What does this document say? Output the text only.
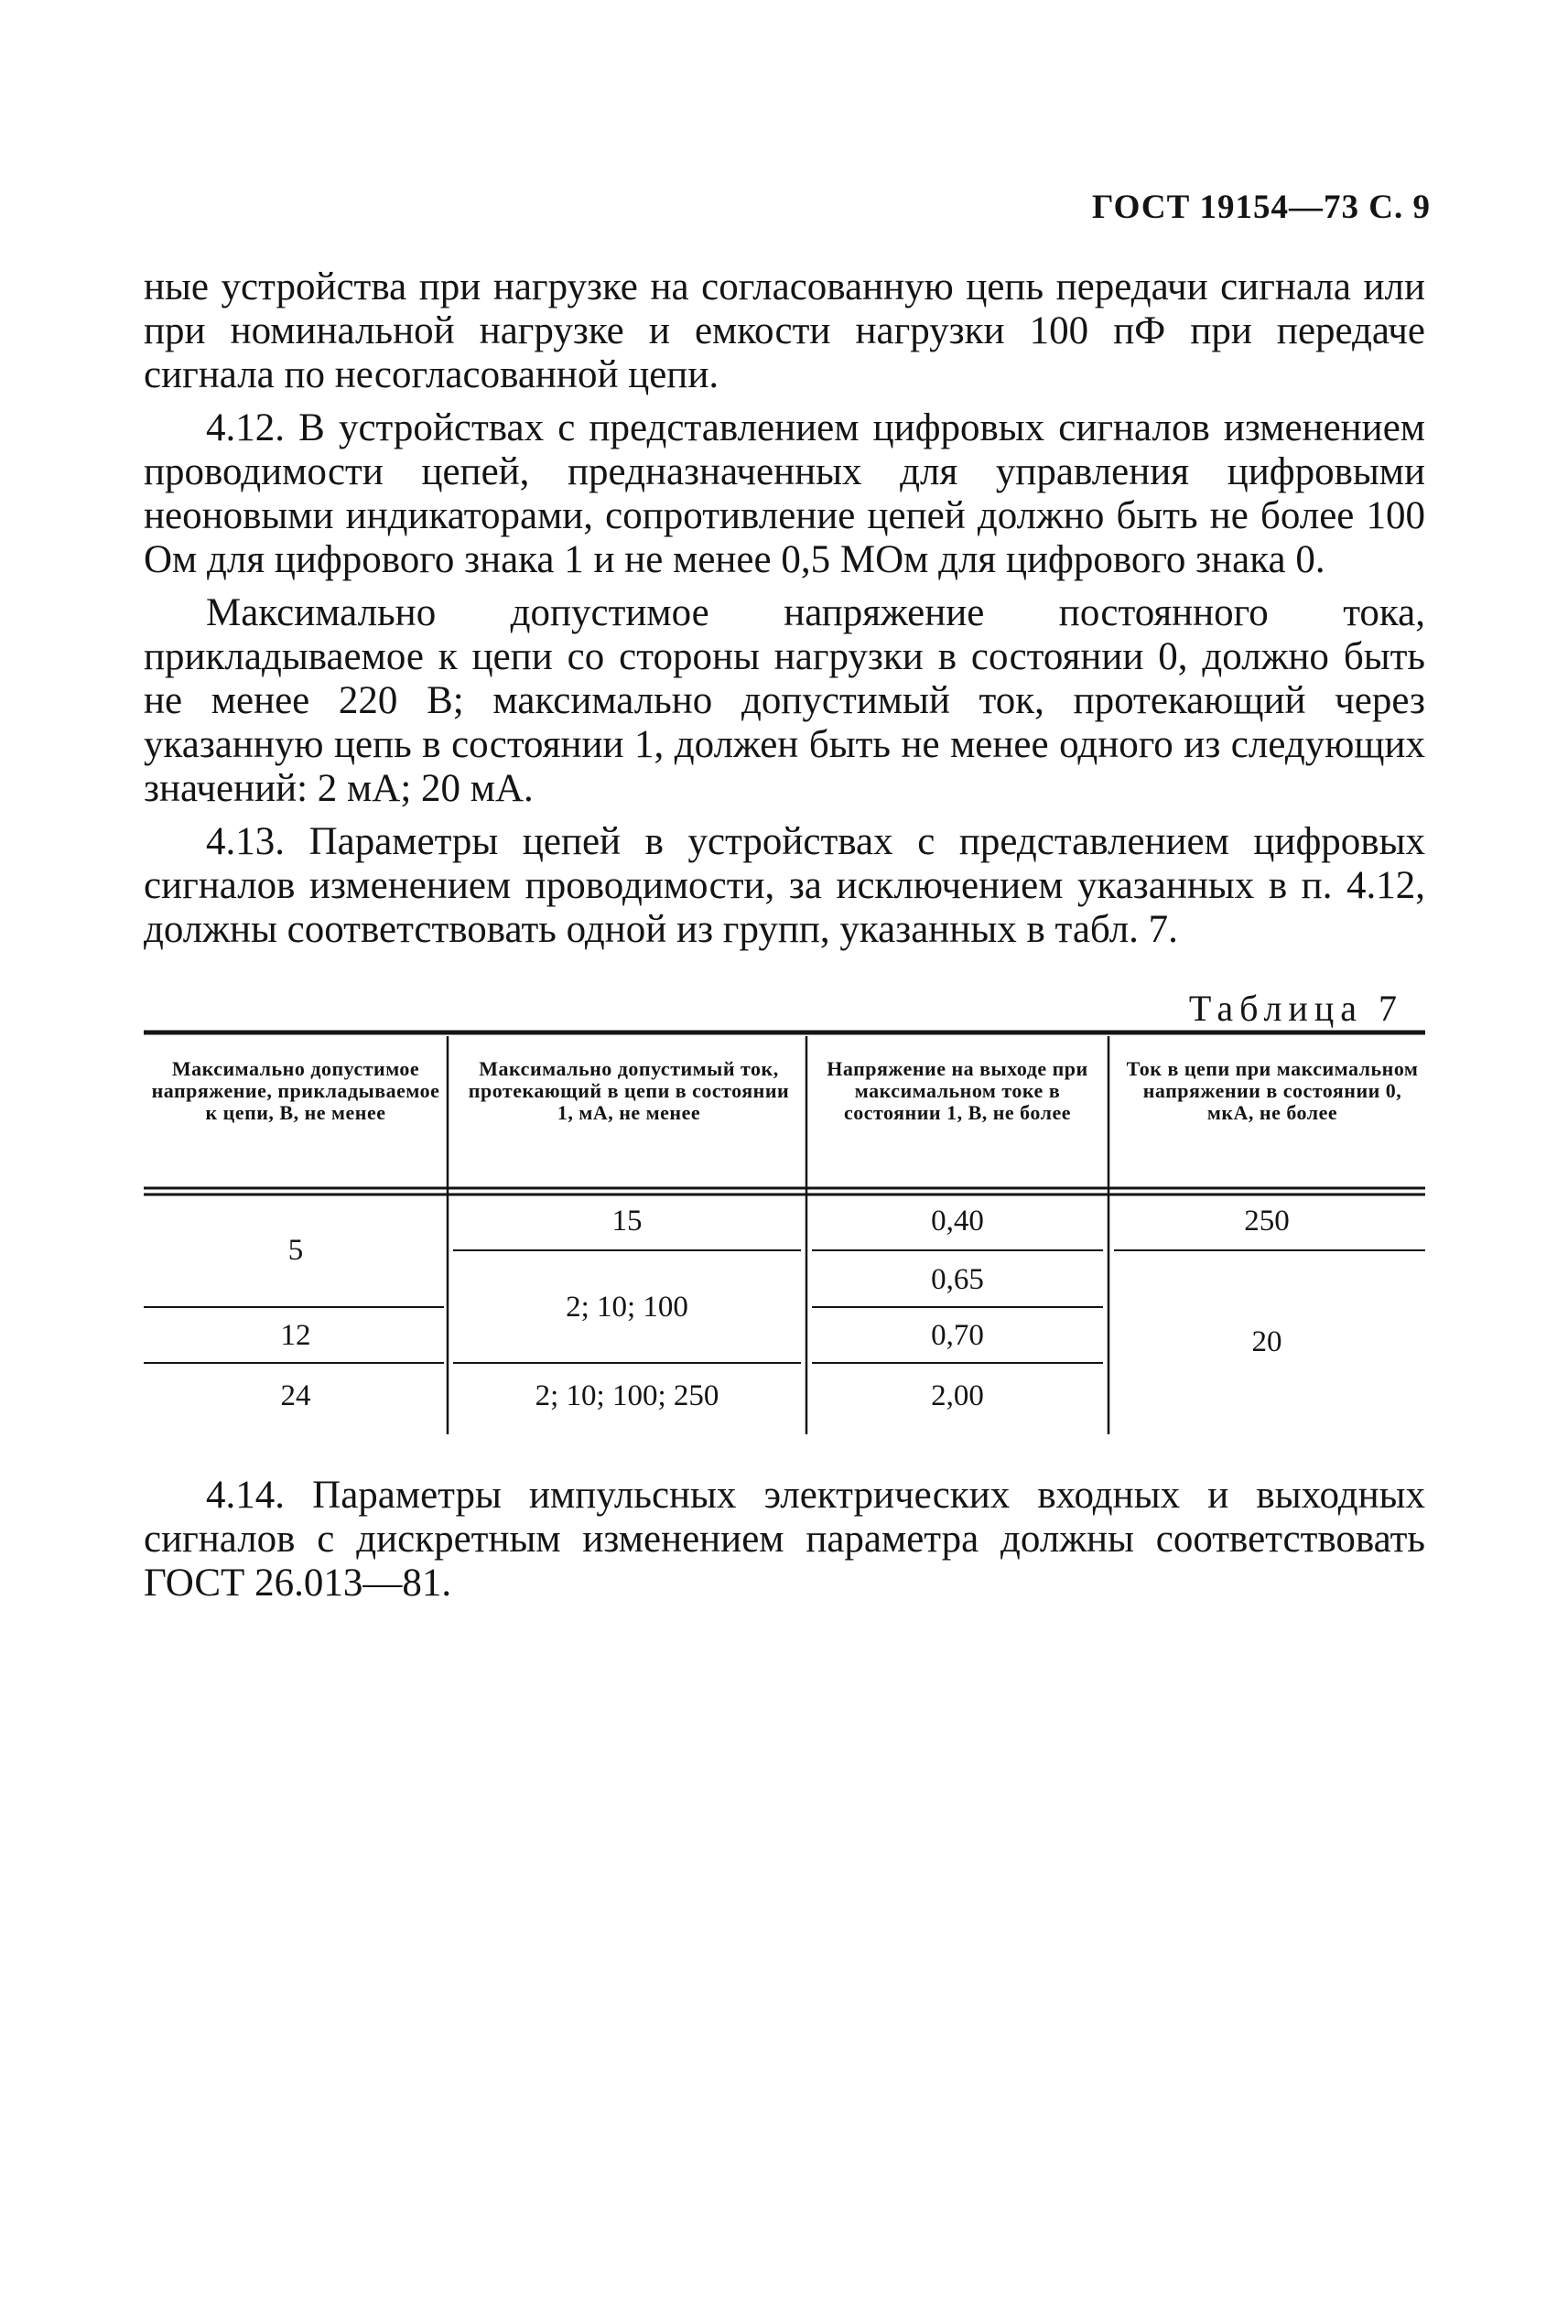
ГОСТ 19154—73 С. 9

ные устройства при нагрузке на согласованную цепь передачи сигнала или при номинальной нагрузке и емкости нагрузки 100 пФ при передаче сигнала по несогласованной цепи.

4.12. В устройствах с представлением цифровых сигналов изменением проводимости цепей, предназначенных для управления цифровыми неоновыми индикаторами, сопротивление цепей должно быть не более 100 Ом для цифрового знака 1 и не менее 0,5 МОм для цифрового знака 0.

Максимально допустимое напряжение постоянного тока, прикладываемое к цепи со стороны нагрузки в состоянии 0, должно быть не менее 220 В; максимально допустимый ток, протекающий через указанную цепь в состоянии 1, должен быть не менее одного из следующих значений: 2 мА; 20 мА.

4.13. Параметры цепей в устройствах с представлением цифровых сигналов изменением проводимости, за исключением указанных в п. 4.12, должны соответствовать одной из групп, указанных в табл. 7.

Таблица 7
Максимально допустимое напряжение, прикладываемое к цепи, В, не менее
Максимально допустимый ток, протекающий в цепи в состоянии 1, мА, не менее
Напряжение на выходе при максимальном токе в состоянии 1, В, не более
Ток в цепи при максимальном напряжении в состоянии 0, мкА, не более
5
12
24
15
2; 10; 100
2; 10; 100; 250
0,40
0,65
0,70
2,00
250
20

4.14. Параметры импульсных электрических входных и выходных сигналов с дискретным изменением параметра должны соответствовать ГОСТ 26.013—81.
